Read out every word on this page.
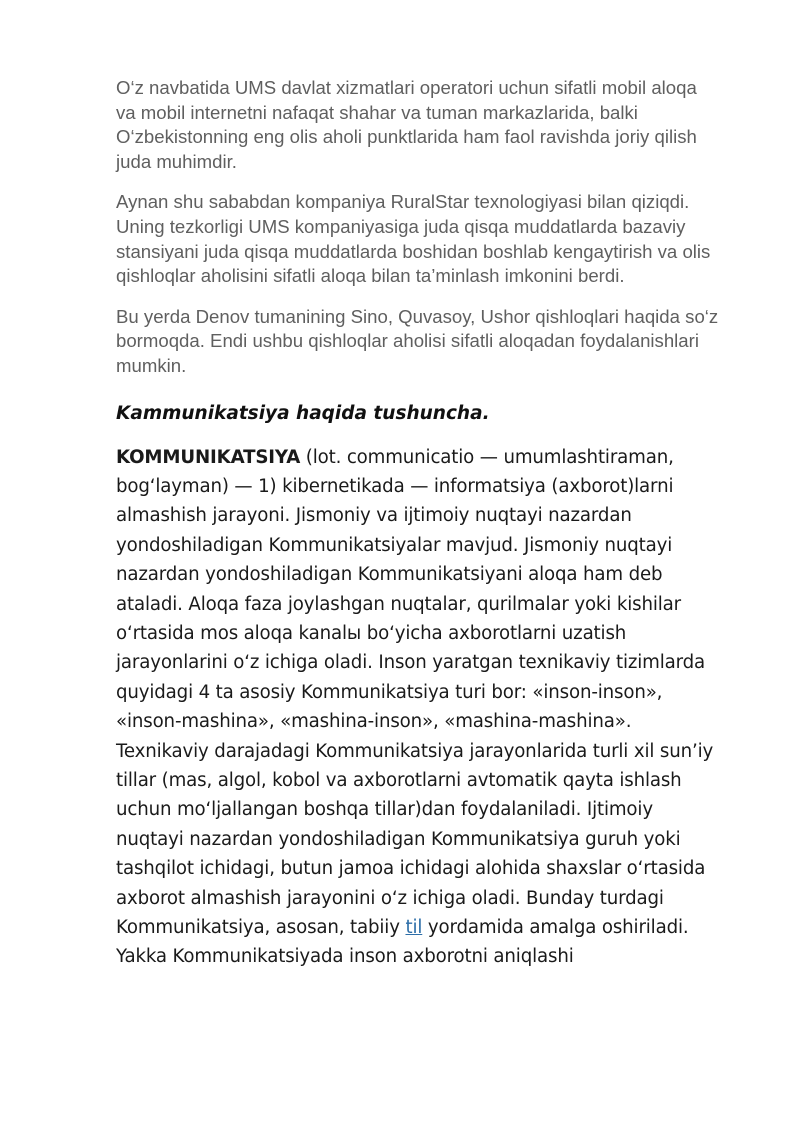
O‘z navbatida UMS davlat xizmatlari operatori uchun sifatli mobil aloqa va mobil internetni nafaqat shahar va tuman markazlarida, balki O‘zbekistonning eng olis aholi punktlarida ham faol ravishda joriy qilish juda muhimdir.

Aynan shu sababdan kompaniya RuralStar texnologiyasi bilan qiziqdi. Uning tezkorligi UMS kompaniyasiga juda qisqa muddatlarda bazaviy stansiyani juda qisqa muddatlarda boshidan boshlab kengaytirish va olis qishloqlar aholisini sifatli aloqa bilan ta’minlash imkonini berdi.

Bu yerda Denov tumanining Sino, Quvasoy, Ushor qishloqlari haqida so‘z bormoqda. Endi ushbu qishloqlar aholisi sifatli aloqadan foydalanishlari mumkin.

Kammunikatsiya haqida tushuncha.

KOMMUNIKATSIYA (lot. communicatio — umumlashtiraman, bogʻlayman) — 1) kibernetikada — informatsiya (axborot)larni almashish jarayoni. Jismoniy va ijtimoiy nuqtayi nazardan yondoshiladigan Kommunikatsiyalar mavjud. Jismoniy nuqtayi nazardan yondoshiladigan Kommunikatsiyani aloqa ham deb ataladi. Aloqa faza joylashgan nuqtalar, qurilmalar yoki kishilar oʻrtasida mos aloqa kanalы boʻyicha axborotlarni uzatish jarayonlarini oʻz ichiga oladi. Inson yaratgan texnikaviy tizimlarda quyidagi 4 ta asosiy Kommunikatsiya turi bor: «inson-inson», «inson-mashina», «mashina-inson», «mashina-mashina». Texnikaviy darajadagi Kommunikatsiya jarayonlarida turli xil sun’iy tillar (mas, algol, kobol va axborotlarni avtomatik qayta ishlash uchun moʻljallangan boshqa tillar)dan foydalaniladi. Ijtimoiy nuqtayi nazardan yondoshiladigan Kommunikatsiya guruh yoki tashqilot ichidagi, butun jamoa ichidagi alohida shaxslar oʻrtasida axborot almashish jarayonini oʻz ichiga oladi. Bunday turdagi Kommunikatsiya, asosan, tabiiy til yordamida amalga oshiriladi. Yakka Kommunikatsiyada inson axborotni aniqlashi
